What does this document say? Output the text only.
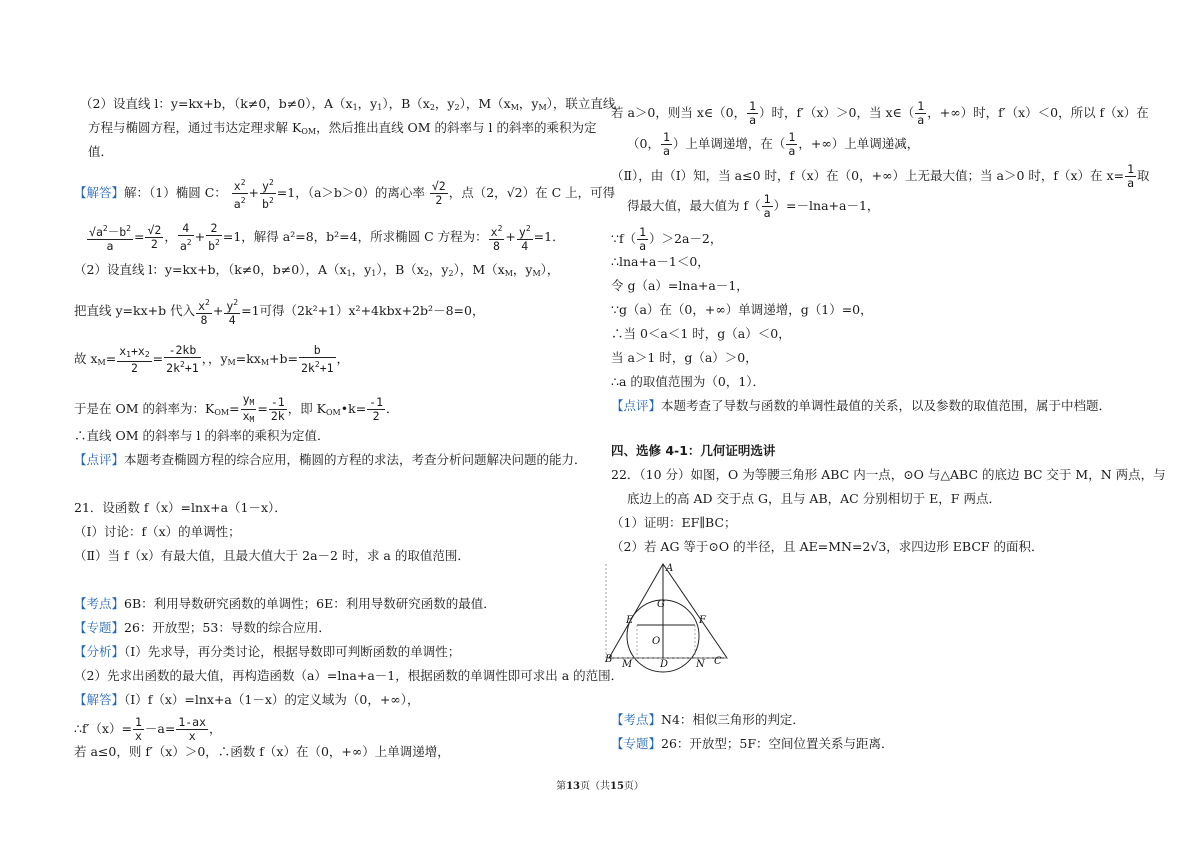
（2）设直线 l：y=kx+b，（k≠0，b≠0），$A(x_1$，$y_1$），$B(x_2$，$y_2$），$M(x_M$，$y_M$），联立直线
方程与椭圆方程，通过韦达定理求解 $K_{OM}$，然后推出直线 OM 的斜率与 l 的斜率的乘积为定
值．
【解答】解：（1）椭圆 C： $\frac{x^2}{a^2} + \frac{y^2}{b^2} =1$，（a＞b＞0）的离心率 $\frac{√2}{2}$ ，点（2，√2）在 C 上，可得
$\frac{√a^2-b^2}{a} = \frac{√2}{2}$ ， $\frac{4}{a^2} + \frac{2}{b^2} =1$，解得 a²=8，b²=4，所求椭圆 C 方程为： $\frac{x^2}{8} + \frac{y^2}{4} =1$．
（2）设直线 l：y=kx+b，（k≠0，b≠0），$A(x_1$，$y_1$），$B(x_2$，$y_2$），$M(x_M$，$y_M$），
把直线 y=kx+b 代入 $\frac{x^2}{8} + \frac{y^2}{4} =1$可得（2k²+1）x²+4kbx+2b²－8=0，
故 $x_M= \frac{x_1+x_2}{2} = \frac{-2kb}{2k^2+1}$ ，，$y_M=kx_M+b= \frac{b}{2k^2+1}$ ，
于是在 OM 的斜率为：$K_{OM}= \frac{y_M}{x_M} = \frac{-1}{2k}$ ，即 $K_{OM}•k= \frac{-1}{2}$ ．
∴直线 OM 的斜率与 l 的斜率的乘积为定值．
【点评】本题考查椭圆方程的综合应用，椭圆的方程的求法，考查分析问题解决问题的能力．
21．设函数 f（x）=lnx+a（1－x）．
（Ⅰ）讨论：f（x）的单调性；
（Ⅱ）当 f（x）有最大值，且最大值大于 2a－2 时，求 a 的取值范围．
【考点】6B：利用导数研究函数的单调性；6E：利用导数研究函数的最值．
【专题】26：开放型；53：导数的综合应用．
【分析】（Ⅰ）先求导，再分类讨论，根据导数即可判断函数的单调性；
（2）先求出函数的最大值，再构造函数（a）=lna+a－1，根据函数的单调性即可求出 a 的范围．
【解答】（Ⅰ）f（x）=lnx+a（1－x）的定义域为（0，+∞），
∴f′（x）= $\frac{1}{x} -a= \frac{1-ax}{x}$ ，
若 a≤0，则 f′（x）＞0，∴函数 f（x）在（0，+∞）上单调递增，
若 a＞0，则当 x∈（0， $\frac{1}{a}$ ）时，f′（x）＞0，当 x∈（ $\frac{1}{a}$ ，+∞）时，f′（x）＜0，所以 f（x）在
（0， $\frac{1}{a}$ ）上单调递增，在（ $\frac{1}{a}$ ，+∞）上单调递减，
（Ⅱ），由（Ⅰ）知，当 a≤0 时，f（x）在（0，+∞）上无最大值；当 a＞0 时，f（x）在 $x= \frac{1}{a}$ 取
得最大值，最大值为 $f( \frac{1}{a} )=-\ln a+a-1$，
∵f（ $\frac{1}{a} )>2a-2$，
∴lna+a－1＜0，
令 g（a）=lna+a－1，
∵g（a）在（0，+∞）单调递增，g（1）=0，
∴当 0＜a＜1 时，g（a）＜0，
当 a＞1 时，g（a）＞0，
∴a 的取值范围为（0，1）．
【点评】本题考查了导数与函数的单调性最值的关系，以及参数的取值范围，属于中档题．
四、选修 4-1：几何证明选讲
22．（10 分）如图，O 为等腰三角形 ABC 内一点，⊙O 与△ABC 的底边 BC 交于 M，N 两点，与
底边上的高 AD 交于点 G，且与 AB，AC 分别相切于 E，F 两点．
（1）证明：EF∥BC；
（2）若 AG 等于⊙O 的半径，且 AE=MN=2√3，求四边形 EBCF 的面积．
A
G
E	F
O
B M	D	N C
【考点】N4：相似三角形的判定．
【专题】26：开放型；5F：空间位置关系与距离．
第13页（共15页）
